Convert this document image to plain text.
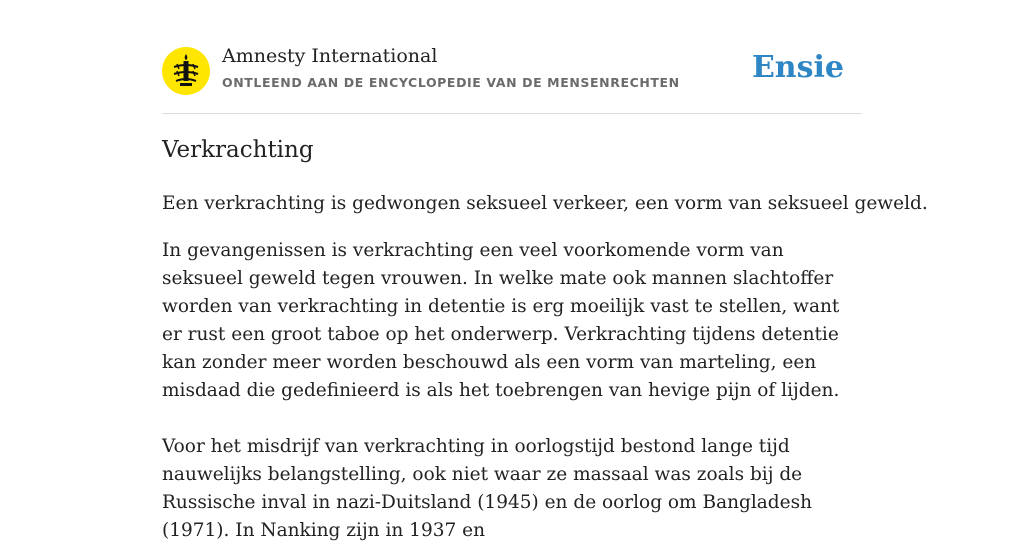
Amnesty International
ONTLEEND AAN DE ENCYCLOPEDIE VAN DE MENSENRECHTEN Ensie
Verkrachting

Een verkrachting is gedwongen seksueel verkeer, een vorm van seksueel geweld.

In gevangenissen is verkrachting een veel voorkomende vorm van seksueel geweld tegen vrouwen. In welke mate ook mannen slachtoffer worden van verkrachting in detentie is erg moeilijk vast te stellen, want er rust een groot taboe op het onderwerp. Verkrachting tijdens detentie kan zonder meer worden beschouwd als een vorm van marteling, een misdaad die gedefinieerd is als het toebrengen van hevige pijn of lijden.

Voor het misdrijf van verkrachting in oorlogstijd bestond lange tijd nauwelijks belangstelling, ook niet waar ze massaal was zoals bij de Russische inval in nazi-Duitsland (1945) en de oorlog om Bangladesh (1971). In Nanking zijn in 1937 en
